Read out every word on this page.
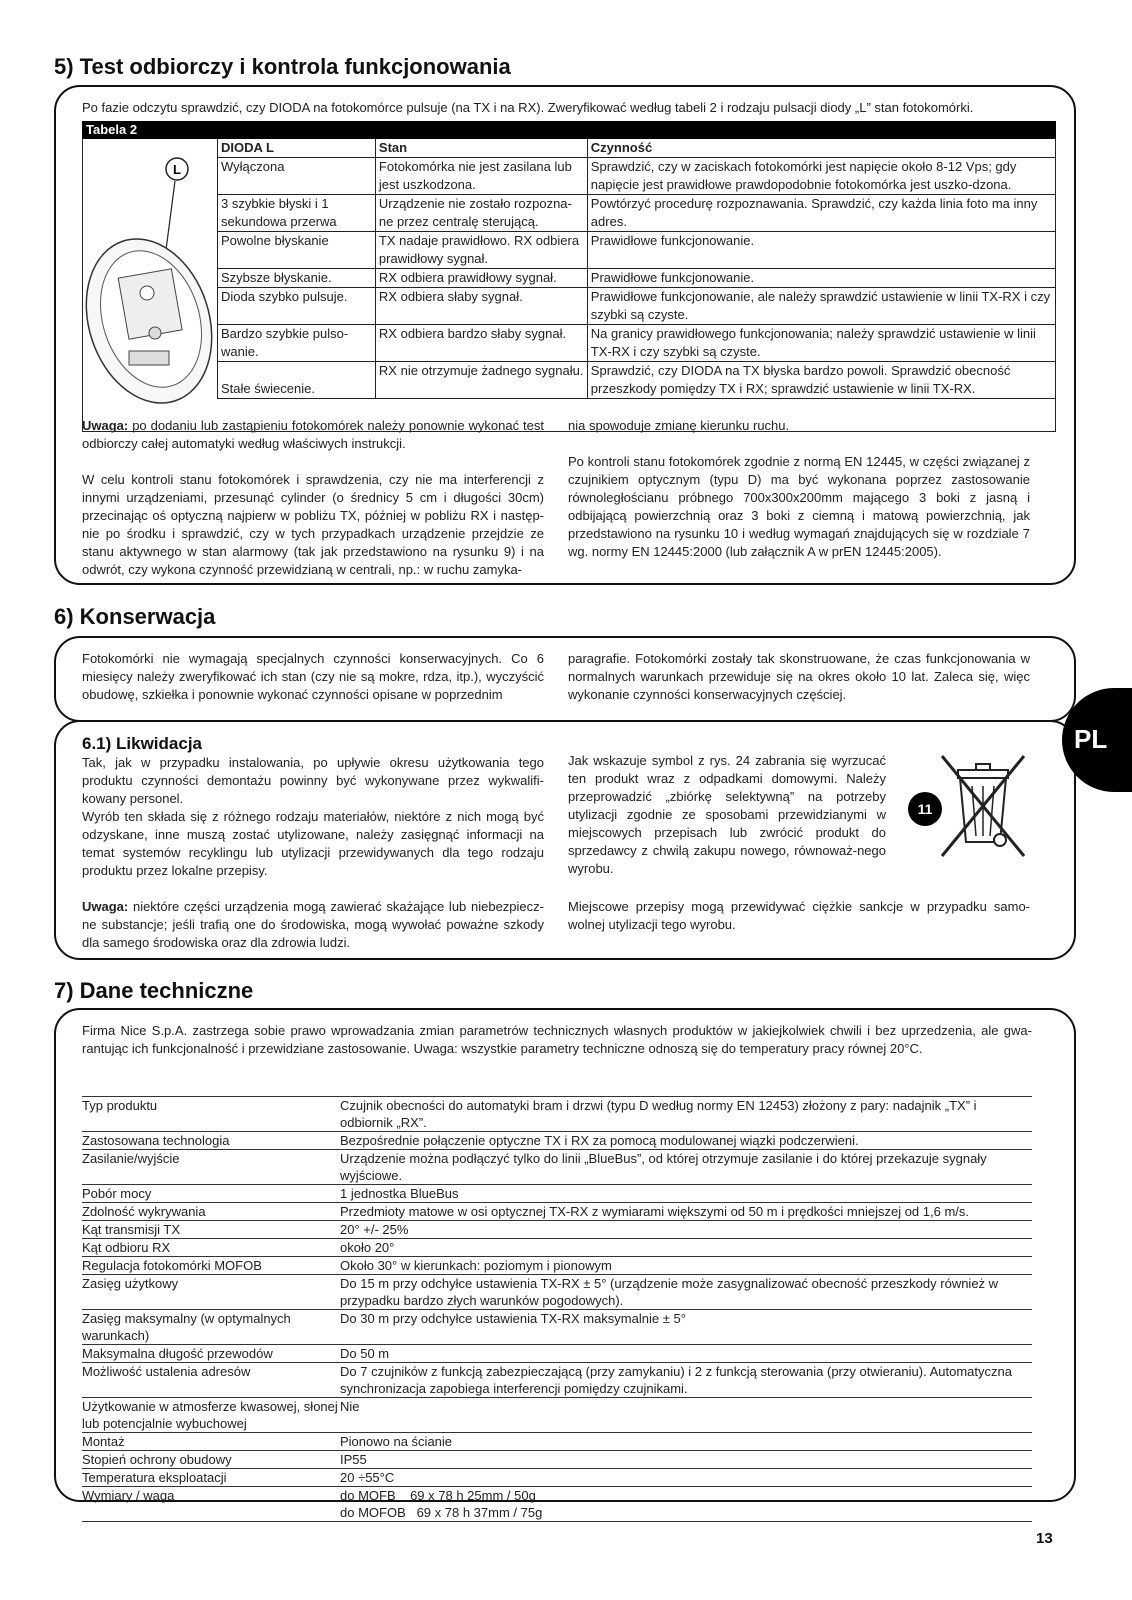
5) Test odbiorczy i kontrola funkcjonowania

Po fazie odczytu sprawdzić, czy DIODA na fotokomórce pulsuje (na TX i na RX). Zweryfikować według tabeli 2 i rodzaju pulsacji diody „L” stan fotokomórki.

Tabela 2
L
DIODA L	Stan	Czynność
Wyłączona	Fotokomórka nie jest zasilana lub jest uszkodzona.	Sprawdzić, czy w zaciskach fotokomórki jest napięcie około 8-12 Vps; gdy napięcie jest prawidłowe prawdopodobnie fotokomórka jest uszko-dzona.
3 szybkie błyski i 1 sekundowa przerwa	Urządzenie nie zostało rozpozna-ne przez centralę sterującą.	Powtórzyć procedurę rozpoznawania. Sprawdzić, czy każda linia foto ma inny adres.
Powolne błyskanie	TX nadaje prawidłowo. RX odbiera prawidłowy sygnał.	Prawidłowe funkcjonowanie.
Szybsze błyskanie.	RX odbiera prawidłowy sygnał.	Prawidłowe funkcjonowanie.
Dioda szybko pulsuje.	RX odbiera słaby sygnał.	Prawidłowe funkcjonowanie, ale należy sprawdzić ustawienie w linii TX-RX i czy szybki są czyste.
Bardzo szybkie pulso-wanie.	RX odbiera bardzo słaby sygnał.	Na granicy prawidłowego funkcjonowania; należy sprawdzić ustawienie w linii TX-RX i czy szybki są czyste.
Stałe świecenie.	RX nie otrzymuje żadnego sygnału.	Sprawdzić, czy DIODA na TX błyska bardzo powoli. Sprawdzić obecność przeszkody pomiędzy TX i RX; sprawdzić ustawienie w linii TX-RX.

Uwaga: po dodaniu lub zastąpieniu fotokomórek należy ponownie wykonać test odbiorczy całej automatyki według właściwych instrukcji.

W celu kontroli stanu fotokomórek i sprawdzenia, czy nie ma interferencji z innymi urządzeniami, przesunąć cylinder (o średnicy 5 cm i długości 30cm) przecinając oś optyczną najpierw w pobliżu TX, później w pobliżu RX i następ-nie po środku i sprawdzić, czy w tych przypadkach urządzenie przejdzie ze stanu aktywnego w stan alarmowy (tak jak przedstawiono na rysunku 9) i na odwrót, czy wykona czynność przewidzianą w centrali, np.: w ruchu zamyka-

nia spowoduje zmianę kierunku ruchu.

Po kontroli stanu fotokomórek zgodnie z normą EN 12445, w części związanej z czujnikiem optycznym (typu D) ma być wykonana poprzez zastosowanie równoległościanu próbnego 700x300x200mm mającego 3 boki z jasną i odbijającą powierzchnią oraz 3 boki z ciemną i matową powierzchnią, jak przedstawiono na rysunku 10 i według wymagań znajdujących się w rozdziale 7 wg. normy EN 12445:2000 (lub załącznik A w prEN 12445:2005).

6) Konserwacja

Fotokomórki nie wymagają specjalnych czynności konserwacyjnych. Co 6 miesięcy należy zweryfikować ich stan (czy nie są mokre, rdza, itp.), wyczyścić obudowę, szkiełka i ponownie wykonać czynności opisane w poprzednim

paragrafie. Fotokomórki zostały tak skonstruowane, że czas funkcjonowania w normalnych warunkach przewiduje się na okres około 10 lat. Zaleca się, więc wykonanie czynności konserwacyjnych częściej.

6.1) Likwidacja

Tak, jak w przypadku instalowania, po upływie okresu użytkowania tego produktu czynności demontażu powinny być wykonywane przez wykwalifi-kowany personel.

Wyrób ten składa się z różnego rodzaju materiałów, niektóre z nich mogą być odzyskane, inne muszą zostać utylizowane, należy zasięgnąć informacji na temat systemów recyklingu lub utylizacji przewidywanych dla tego rodzaju produktu przez lokalne przepisy.

Uwaga: niektóre części urządzenia mogą zawierać skażające lub niebezpiecz-ne substancje; jeśli trafią one do środowiska, mogą wywołać poważne szkody dla samego środowiska oraz dla zdrowia ludzi.

Jak wskazuje symbol z rys. 24 zabrania się wyrzucać ten produkt wraz z odpadkami domowymi. Należy przeprowadzić „zbiórkę selektywną” na potrzeby utylizacji zgodnie ze sposobami przewidzianymi w miejscowych przepisach lub zwrócić produkt do sprzedawcy z chwilą zakupu nowego, równoważ-nego wyrobu.

Miejscowe przepisy mogą przewidywać ciężkie sankcje w przypadku samo-wolnej utylizacji tego wyrobu.

11
PL
7) Dane techniczne

Firma Nice S.p.A. zastrzega sobie prawo wprowadzania zmian parametrów technicznych własnych produktów w jakiejkolwiek chwili i bez uprzedzenia, ale gwa-rantując ich funkcjonalność i przewidziane zastosowanie. Uwaga: wszystkie parametry techniczne odnoszą się do temperatury pracy równej 20°C.

Typ produktu	Czujnik obecności do automatyki bram i drzwi (typu D według normy EN 12453) złożony z pary: nadajnik „TX” i odbiornik „RX”.
Zastosowana technologia	Bezpośrednie połączenie optyczne TX i RX za pomocą modulowanej wiązki podczerwieni.
Zasilanie/wyjście	Urządzenie można podłączyć tylko do linii „BlueBus”, od której otrzymuje zasilanie i do której przekazuje sygnały wyjściowe.
Pobór mocy	1 jednostka BlueBus
Zdolność wykrywania	Przedmioty matowe w osi optycznej TX-RX z wymiarami większymi od 50 m i prędkości mniejszej od 1,6 m/s.
Kąt transmisji TX	20° +/- 25%
Kąt odbioru RX	około 20°
Regulacja fotokomórki MOFOB	Około 30° w kierunkach: poziomym i pionowym
Zasięg użytkowy	Do 15 m przy odchyłce ustawienia TX-RX ± 5° (urządzenie może zasygnalizować obecność przeszkody również w przypadku bardzo złych warunków pogodowych).
Zasięg maksymalny (w optymalnych warunkach)	Do 30 m przy odchyłce ustawienia TX-RX maksymalnie ± 5°
Maksymalna długość przewodów	Do 50 m
Możliwość ustalenia adresów	Do 7 czujników z funkcją zabezpieczającą (przy zamykaniu) i 2 z funkcją sterowania (przy otwieraniu). Automatyczna synchronizacja zapobiega interferencji pomiędzy czujnikami.
Użytkowanie w atmosferze kwasowej, słonej lub potencjalnie wybuchowej	Nie
Montaż	Pionowo na ścianie
Stopień ochrony obudowy	IP55
Temperatura eksploatacji	20 ÷55°C
Wymiary / waga	do MOFB    69 x 78 h 25mm / 50g
do MOFOB   69 x 78 h 37mm / 75g
13
